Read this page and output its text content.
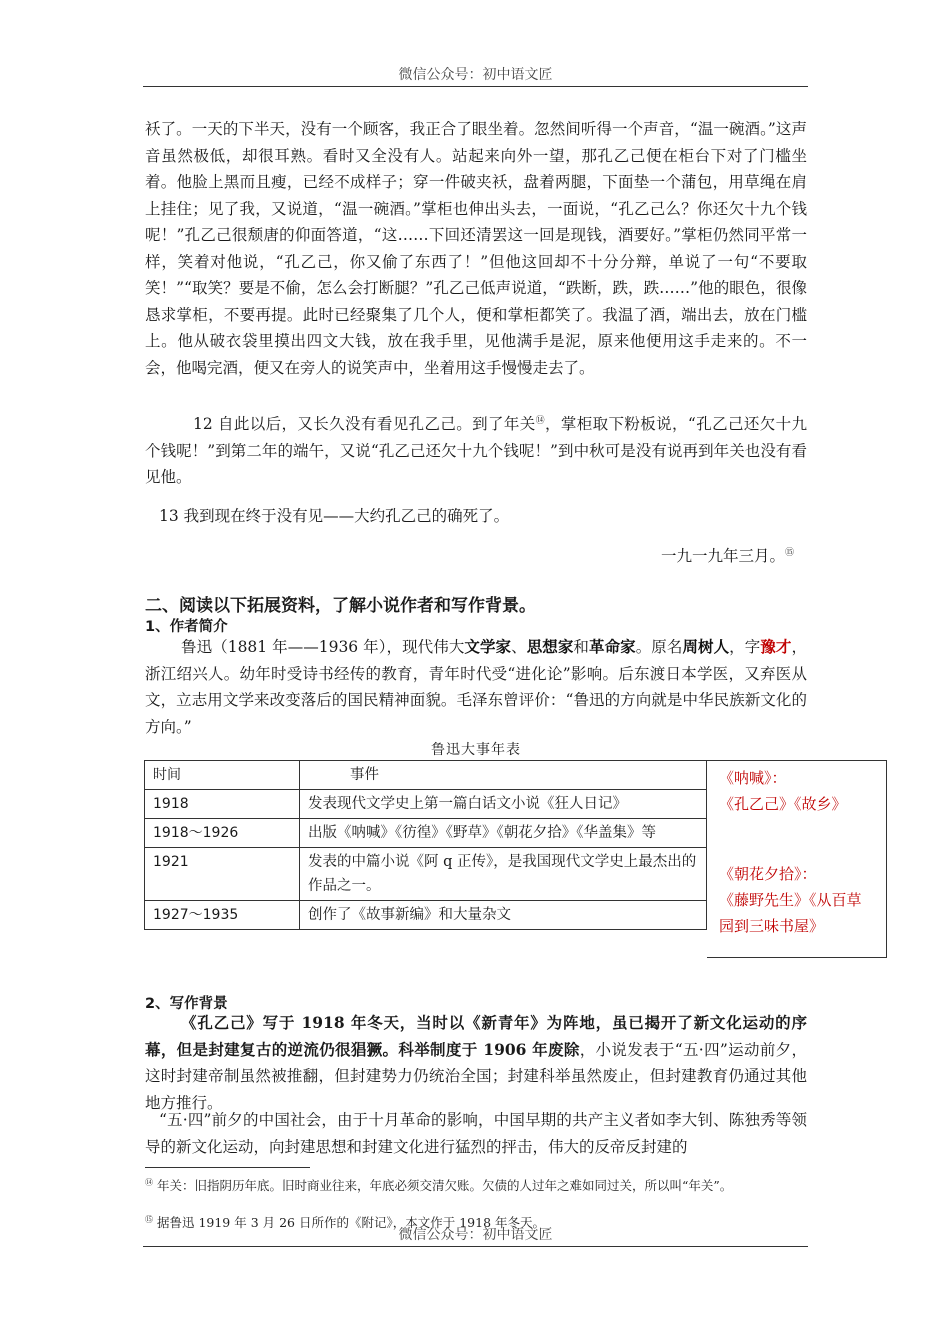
微信公众号：初中语文匠
袄了。一天的下半天，没有一个顾客，我正合了眼坐着。忽然间听得一个声音，“温一碗酒。”这声音虽然极低，却很耳熟。看时又全没有人。站起来向外一望，那孔乙己便在柜台下对了门槛坐着。他脸上黑而且瘦，已经不成样子；穿一件破夹袄，盘着两腿，下面垫一个蒲包，用草绳在肩上挂住；见了我，又说道，“温一碗酒。”掌柜也伸出头去，一面说，“孔乙己么？你还欠十九个钱呢！”孔乙己很颓唐的仰面答道，“这……下回还清罢这一回是现钱，酒要好。”掌柜仍然同平常一样，笑着对他说，“孔乙己，你又偷了东西了！”但他这回却不十分分辩，单说了一句“不要取笑！”“取笑？要是不偷，怎么会打断腿？”孔乙己低声说道，“跌断，跌，跌……”他的眼色，很像恳求掌柜，不要再提。此时已经聚集了几个人，便和掌柜都笑了。我温了酒，端出去，放在门槛上。他从破衣袋里摸出四文大钱，放在我手里，见他满手是泥，原来他便用这手走来的。不一会，他喝完酒，便又在旁人的说笑声中，坐着用这手慢慢走去了。
12 自此以后，又长久没有看见孔乙己。到了年关⑭，掌柜取下粉板说，“孔乙己还欠十九个钱呢！”到第二年的端午，又说“孔乙己还欠十九个钱呢！”到中秋可是没有说再到年关也没有看见他。
13 我到现在终于没有见——大约孔乙己的确死了。
一九一九年三月。⑮
二、阅读以下拓展资料，了解小说作者和写作背景。
1、作者简介
鲁迅（1881 年——1936 年），现代伟大文学家、思想家和革命家。原名周树人，字豫才，浙江绍兴人。幼年时受诗书经传的教育，青年时代受“进化论”影响。后东渡日本学医，又弃医从文，立志用文学来改变落后的国民精神面貌。毛泽东曾评价：“鲁迅的方向就是中华民族新文化的方向。”
鲁迅大事年表
时间	事件
1918	发表现代文学史上第一篇白话文小说《狂人日记》
1918～1926	出版《呐喊》《彷徨》《野草》《朝花夕拾》《华盖集》等
1921	发表的中篇小说《阿 q 正传》，是我国现代文学史上最杰出的作品之一。
1927～1935	创作了《故事新编》和大量杂文
《呐喊》：
《孔乙己》《故乡》
《朝花夕拾》：
《藤野先生》《从百草园到三味书屋》
2、写作背景
《孔乙己》写于 1918 年冬天，当时以《新青年》为阵地，虽已揭开了新文化运动的序幕，但是封建复古的逆流仍很猖獗。科举制度于 1906 年废除，小说发表于“五·四”运动前夕，这时封建帝制虽然被推翻，但封建势力仍统治全国；封建科举虽然废止，但封建教育仍通过其他地方推行。
“五·四”前夕的中国社会，由于十月革命的影响，中国早期的共产主义者如李大钊、陈独秀等领导的新文化运动，向封建思想和封建文化进行猛烈的抨击，伟大的反帝反封建的
⑭ 年关：旧指阴历年底。旧时商业往来，年底必须交清欠账。欠债的人过年之难如同过关，所以叫“年关”。
⑮ 据鲁迅 1919 年 3 月 26 日所作的《附记》，本文作于 1918 年冬天。
微信公众号：初中语文匠
